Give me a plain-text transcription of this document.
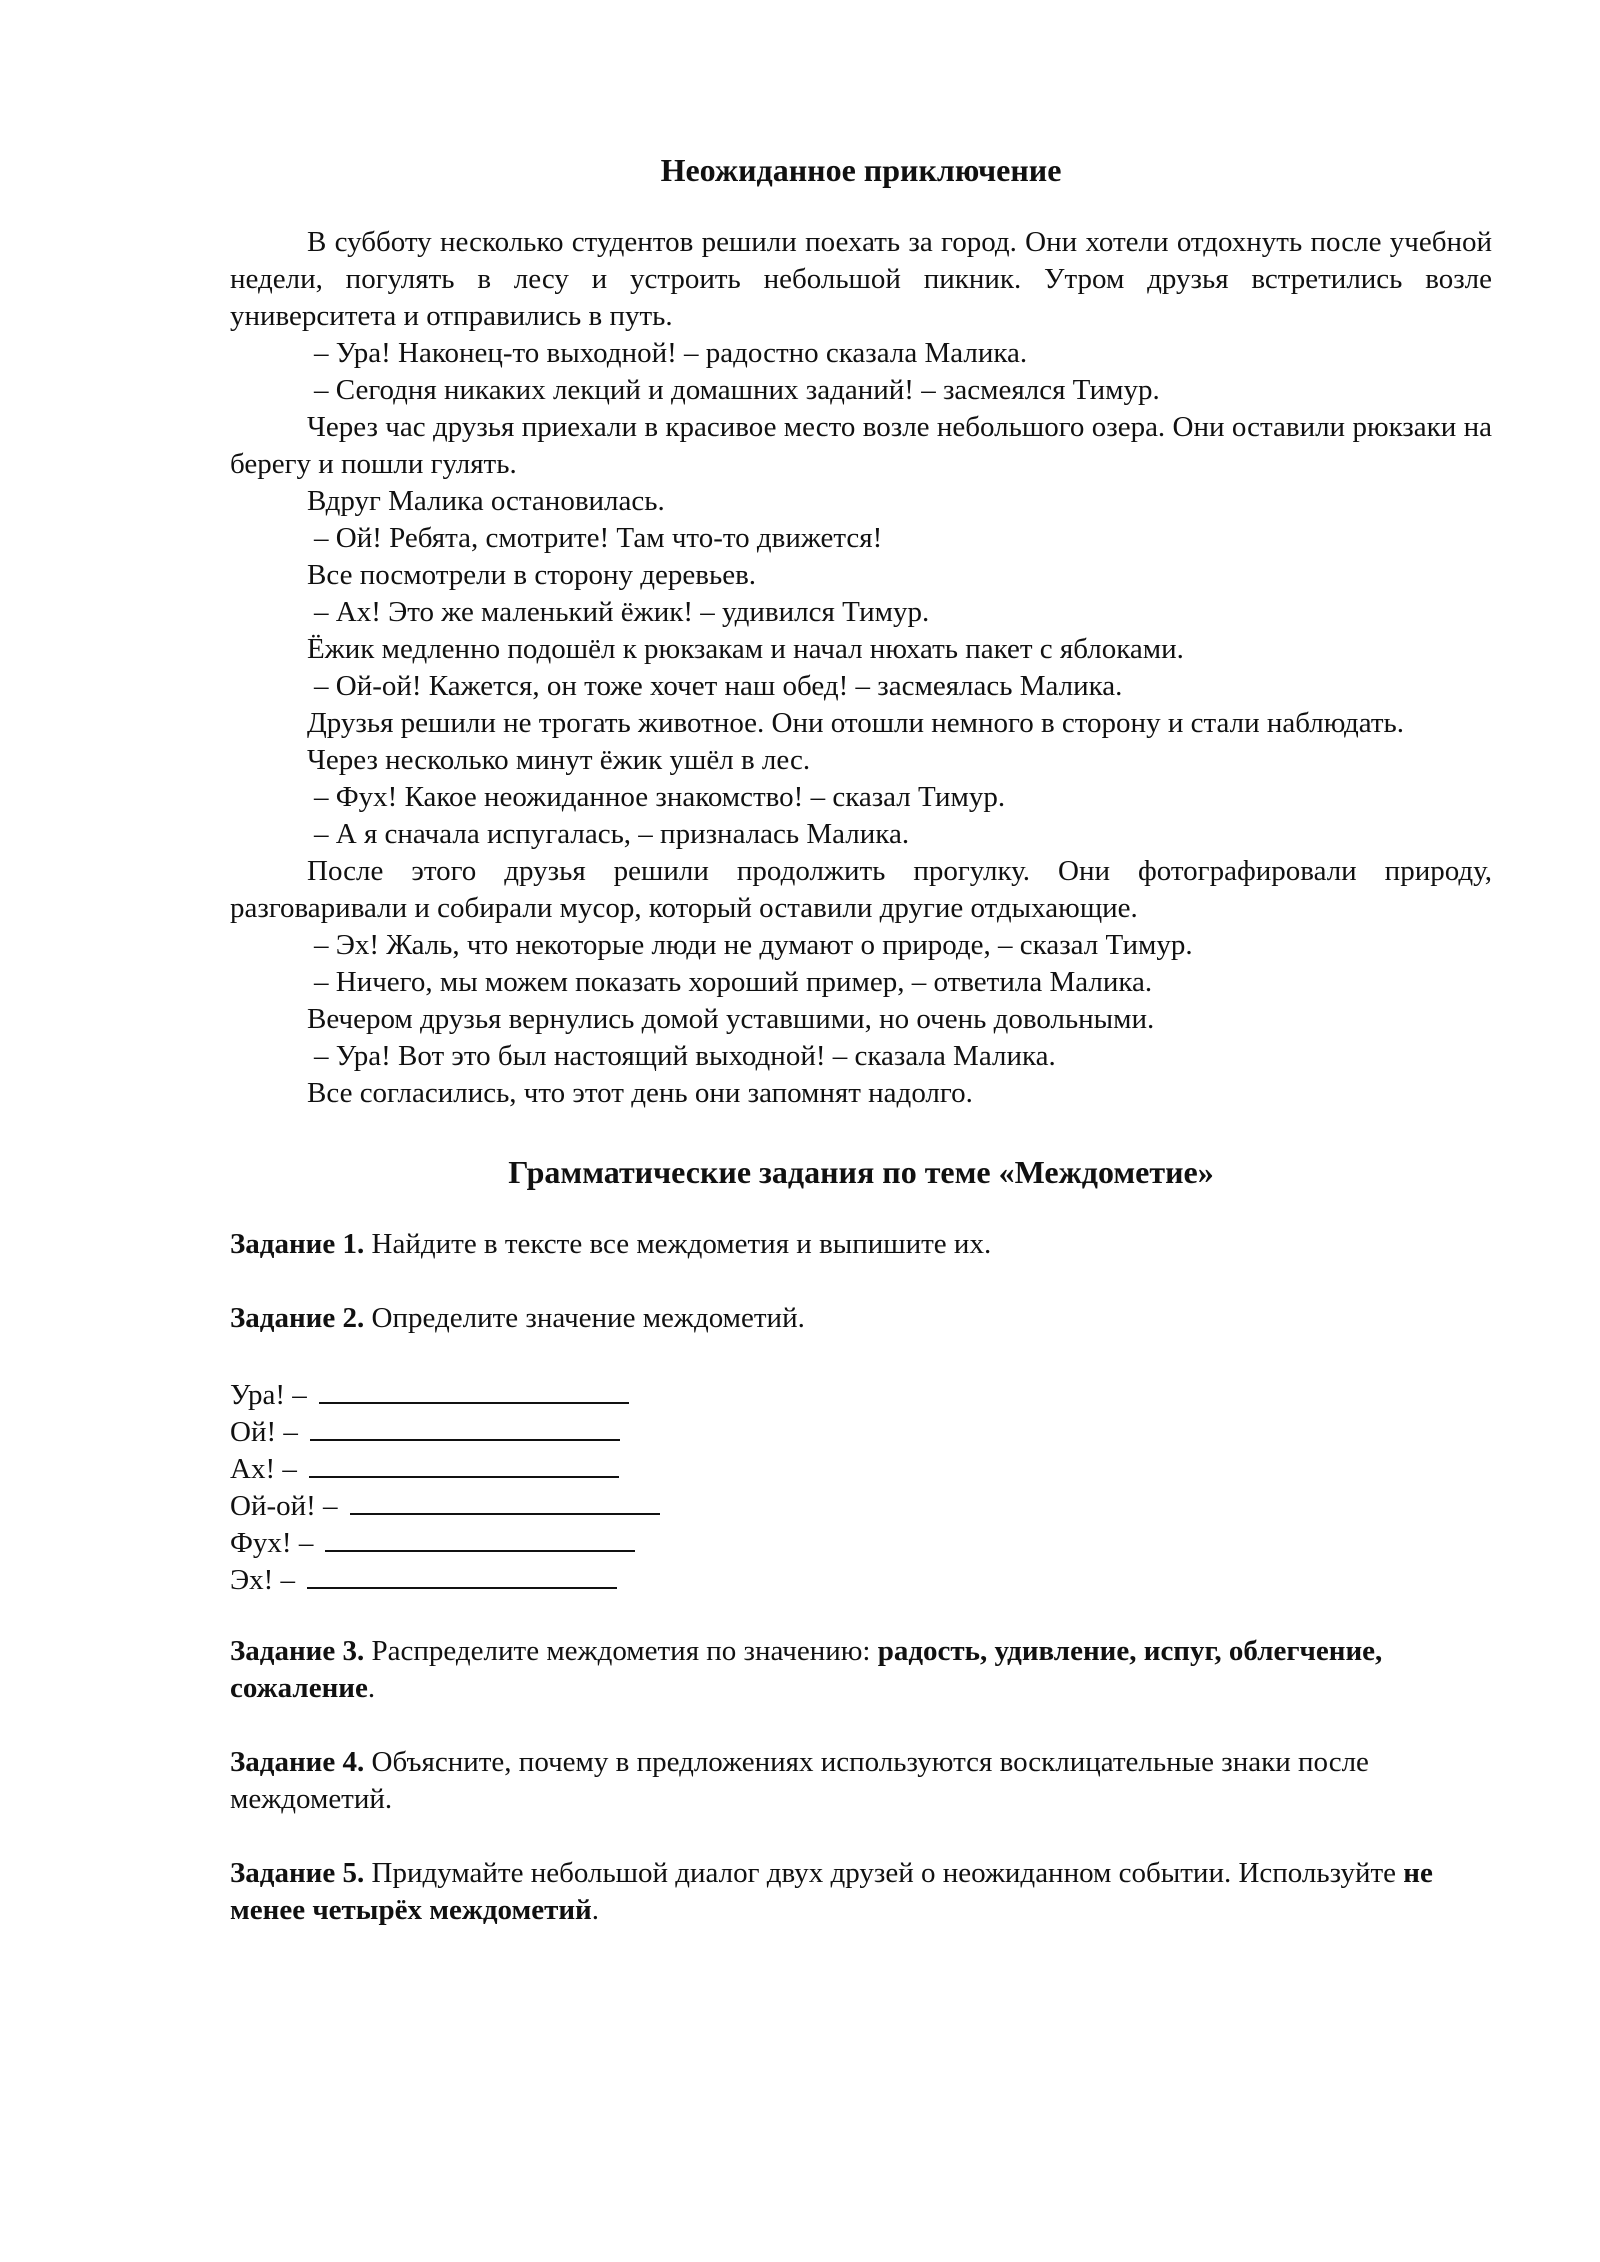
Неожиданное приключение

В субботу несколько студентов решили поехать за город. Они хотели отдохнуть после учебной недели, погулять в лесу и устроить небольшой пикник. Утром друзья встретились возле университета и отправились в путь.

– Ура! Наконец-то выходной! – радостно сказала Малика.

– Сегодня никаких лекций и домашних заданий! – засмеялся Тимур.

Через час друзья приехали в красивое место возле небольшого озера. Они оставили рюкзаки на берегу и пошли гулять.

Вдруг Малика остановилась.

– Ой! Ребята, смотрите! Там что-то движется!

Все посмотрели в сторону деревьев.

– Ах! Это же маленький ёжик! – удивился Тимур.

Ёжик медленно подошёл к рюкзакам и начал нюхать пакет с яблоками.

– Ой-ой! Кажется, он тоже хочет наш обед! – засмеялась Малика.

Друзья решили не трогать животное. Они отошли немного в сторону и стали наблюдать.

Через несколько минут ёжик ушёл в лес.

– Фух! Какое неожиданное знакомство! – сказал Тимур.

– А я сначала испугалась, – призналась Малика.

После этого друзья решили продолжить прогулку. Они фотографировали природу, разговаривали и собирали мусор, который оставили другие отдыхающие.

– Эх! Жаль, что некоторые люди не думают о природе, – сказал Тимур.

– Ничего, мы можем показать хороший пример, – ответила Малика.

Вечером друзья вернулись домой уставшими, но очень довольными.

– Ура! Вот это был настоящий выходной! – сказала Малика.

Все согласились, что этот день они запомнят надолго.

Грамматические задания по теме «Междометие»

Задание 1. Найдите в тексте все междометия и выпишите их.

Задание 2. Определите значение междометий.

Ура! –
Ой! –
Ах! –
Ой-ой! –
Фух! –
Эх! –

Задание 3. Распределите междометия по значению: радость, удивление, испуг, облегчение, сожаление.

Задание 4. Объясните, почему в предложениях используются восклицательные знаки после междометий.

Задание 5. Придумайте небольшой диалог двух друзей о неожиданном событии. Используйте не менее четырёх междометий.
